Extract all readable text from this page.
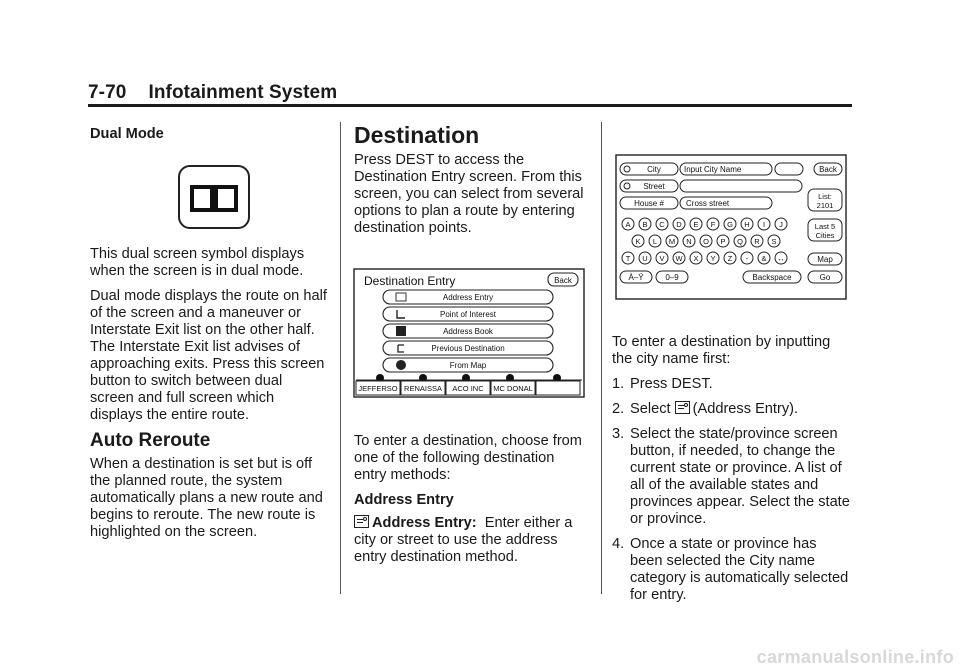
7-70 Infotainment System

Dual Mode

This dual screen symbol displays when the screen is in dual mode.

Dual mode displays the route on half of the screen and a maneuver or Interstate Exit list on the other half. The Interstate Exit list advises of approaching exits. Press this screen button to switch between dual screen and full screen which displays the entire route.

Auto Reroute

When a destination is set but is off the planned route, the system automatically plans a new route and begins to reroute. The new route is highlighted on the screen.

Destination

Press DEST to access the Destination Entry screen. From this screen, you can select from several options to plan a route by entering destination points.

Destination Entry	Back
Address Entry
Point of Interest
Address Book
Previous Destination
From Map
JEFFERSO RENAISSA ACO INC MC DONAL

To enter a destination, choose from one of the following destination entry methods:

Address Entry

Address Entry: Enter either a city or street to use the address entry destination method.

City	Input City Name	Back
Street
List:
2101
House #	Cross street
Last 5
Cities
A B C D E F G H I J
K L M N O P Q R S
T U V W X Y Z - & ↔	Map
À–Ÿ	0–9	Backspace	Go

To enter a destination by inputting the city name first:

1. Press DEST.
2. Select (Address Entry).
3. Select the state/province screen button, if needed, to change the current state or province. A list of all of the available states and provinces appear. Select the state or province.
4. Once a state or province has been selected the City name category is automatically selected for entry.
carmanualsonline.info
